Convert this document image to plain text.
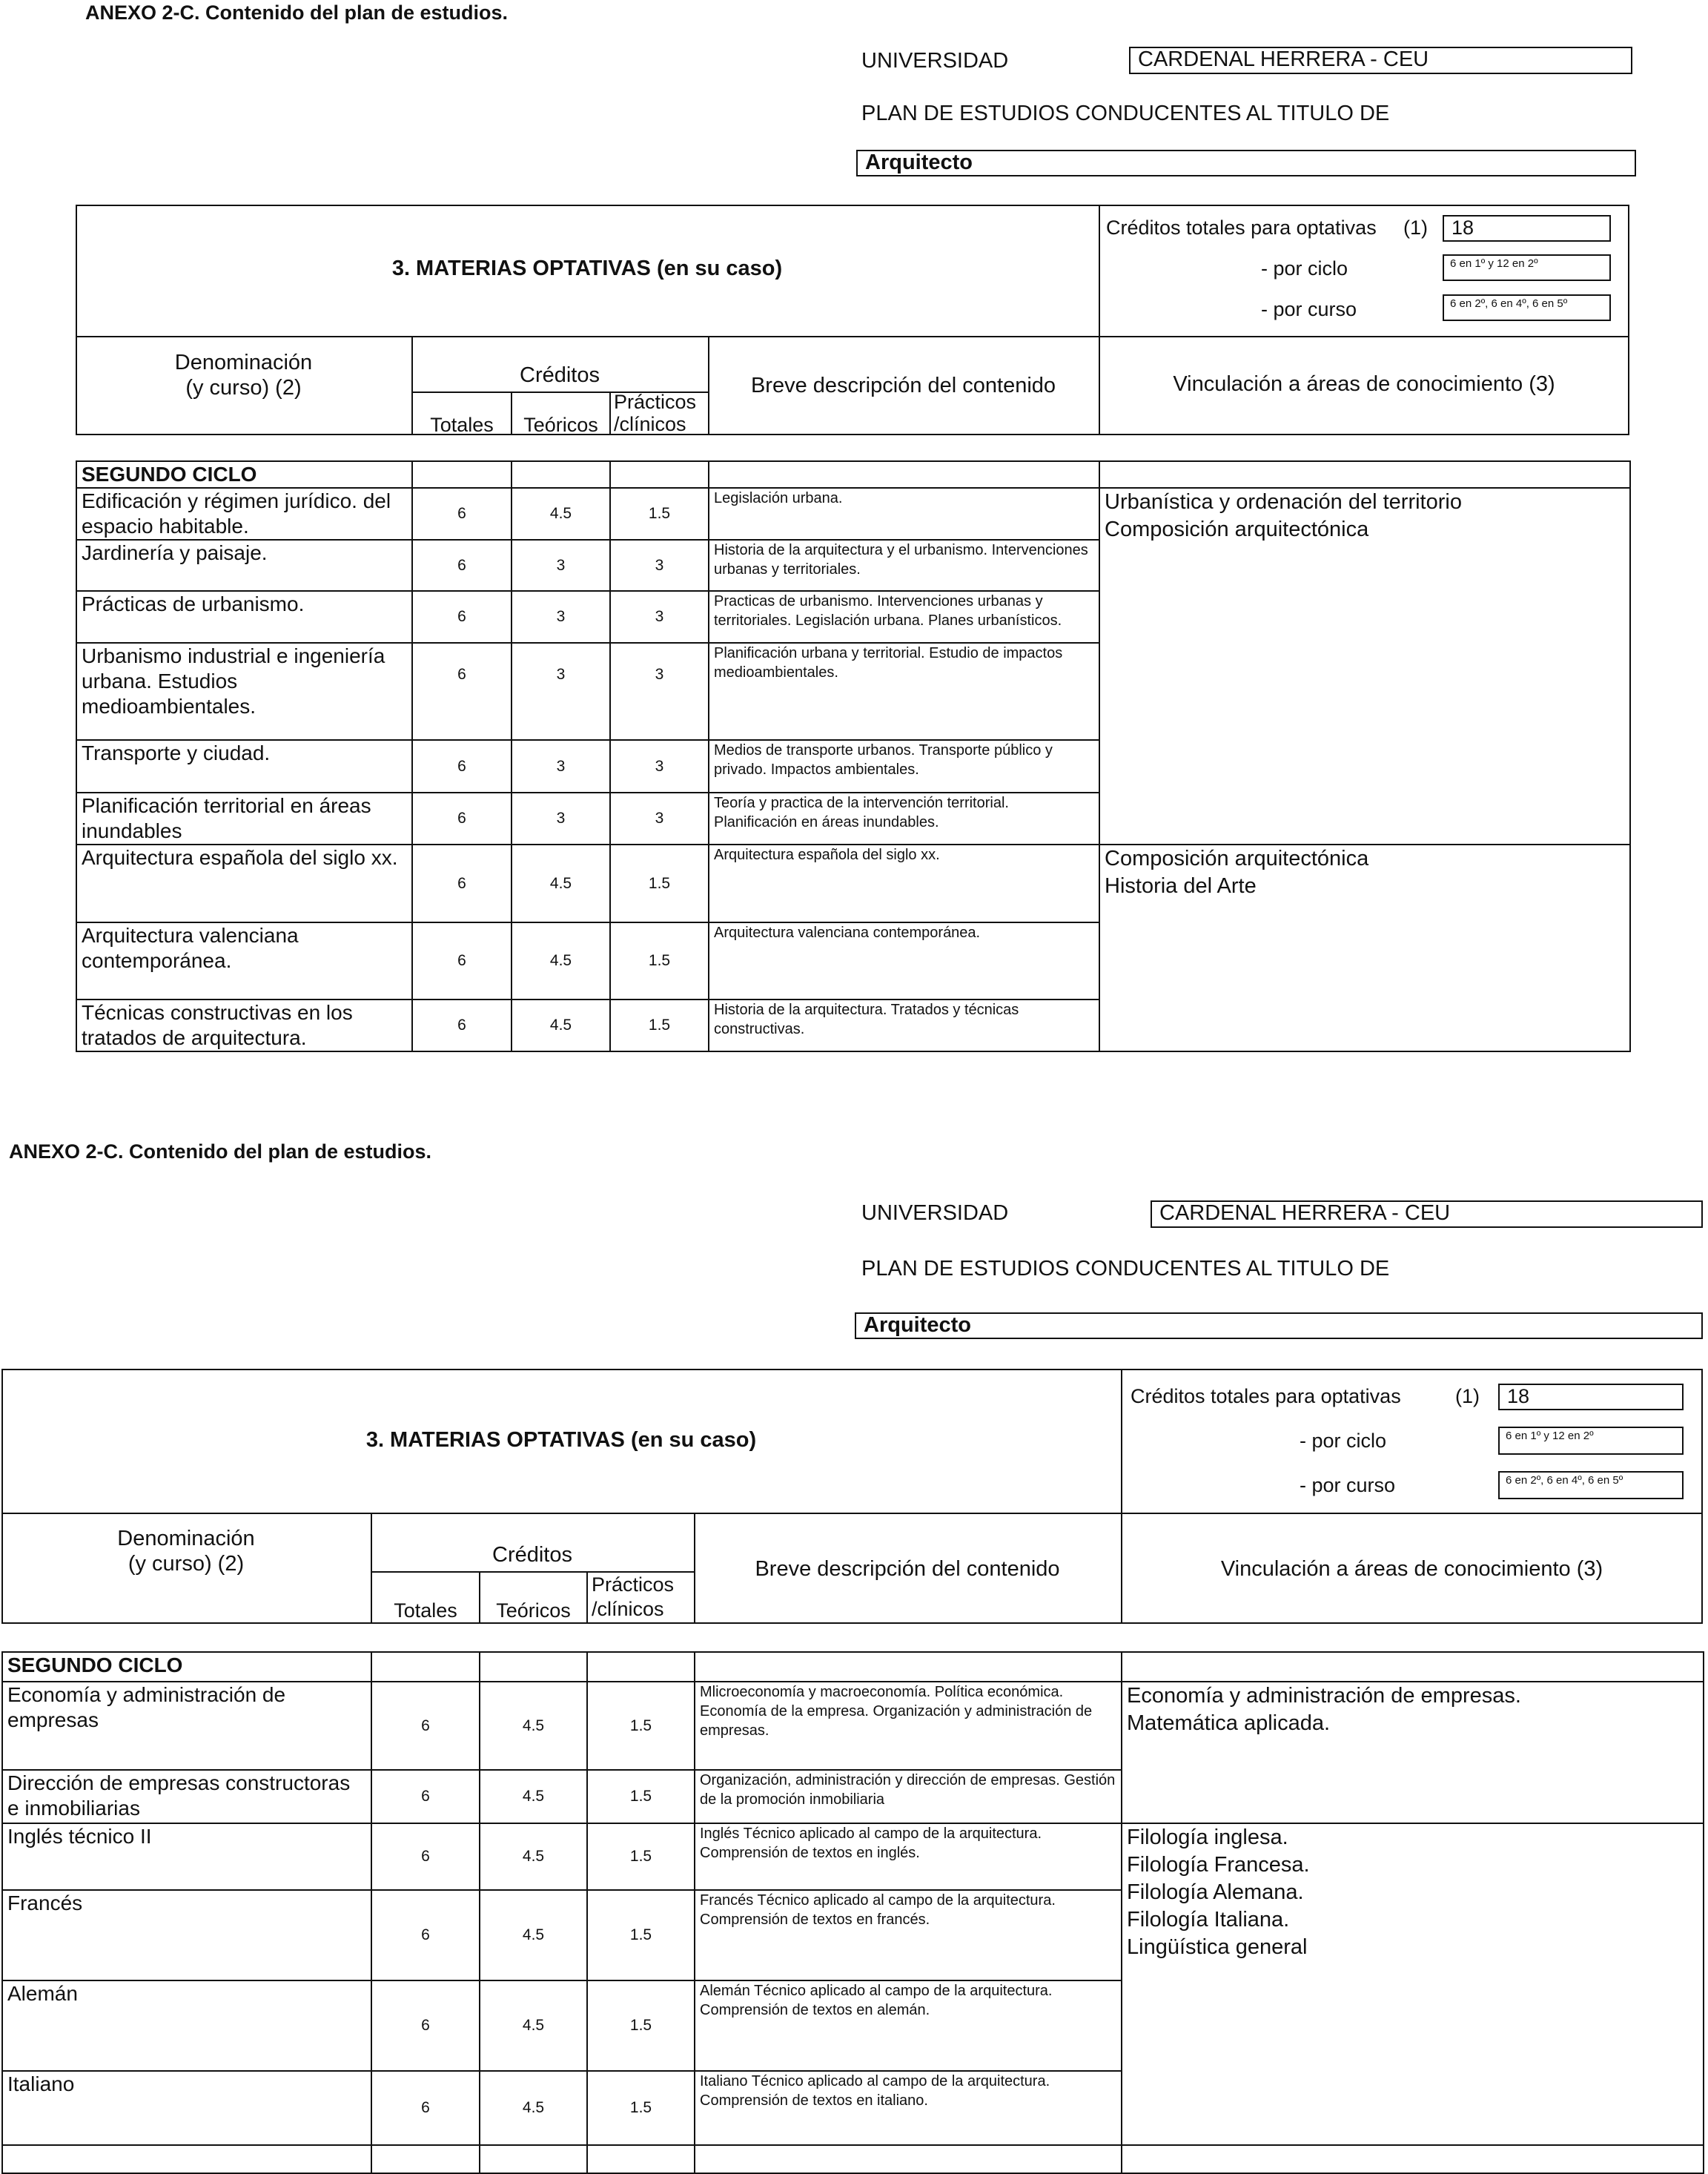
ANEXO 2-C. Contenido del plan de estudios.
UNIVERSIDAD	CARDENAL HERRERA - CEU
PLAN DE ESTUDIOS CONDUCENTES AL TITULO DE
Arquitecto
3. MATERIAS OPTATIVAS (en su caso)
Créditos totales para optativas (1)	18
- por ciclo	6 en 1º y 12 en 2º
- por curso	6 en 2º, 6 en 4º, 6 en 5º
Denominación
(y curso) (2)
Créditos
Totales	Teóricos
Prácticos
/clínicos
Breve descripción del contenido	Vinculación a áreas de conocimiento (3)
SEGUNDO CICLO					
Edificación y régimen jurídico. del espacio habitable.	6	4.5	1.5	Legislación urbana.	Urbanística y ordenación del territorio
Composición arquitectónica

Jardinería y paisaje.	6	3	3	Historia de la arquitectura y el urbanismo. Intervenciones urbanas y territoriales.	
Prácticas de urbanismo.	6	3	3	Practicas de urbanismo. Intervenciones urbanas y territoriales. Legislación urbana. Planes urbanísticos.	
Urbanismo industrial e ingeniería urbana. Estudios medioambientales.	6	3	3	Planificación urbana y territorial. Estudio de impactos medioambientales.	
Transporte y ciudad.	6	3	3	Medios de transporte urbanos. Transporte público y privado. Impactos ambientales.	
Planificación territorial en áreas inundables	6	3	3	Teoría y practica de la intervención territorial. Planificación en áreas inundables.	
Arquitectura española del siglo xx.	6	4.5	1.5	Arquitectura española del siglo xx.	Composición arquitectónica
Historia del Arte

Arquitectura valenciana contemporánea.	6	4.5	1.5	Arquitectura valenciana contemporánea.	
Técnicas constructivas en los tratados de arquitectura.	6	4.5	1.5	Historia de la arquitectura. Tratados y técnicas constructivas.	
ANEXO 2-C. Contenido del plan de estudios.
UNIVERSIDAD	CARDENAL HERRERA - CEU
PLAN DE ESTUDIOS CONDUCENTES AL TITULO DE
Arquitecto
3. MATERIAS OPTATIVAS (en su caso)
Créditos totales para optativas	(1)	18
- por ciclo	6 en 1º y 12 en 2º
- por curso	6 en 2º, 6 en 4º, 6 en 5º
Denominación
(y curso) (2)	Créditos
Totales	Teóricos
Prácticos
/clínicos
Breve descripción del contenido	Vinculación a áreas de conocimiento (3)
SEGUNDO CICLO					
Economía y administración de empresas	6	4.5	1.5	Mlicroeconomía y macroeconomía. Política económica. Economía de la empresa. Organización y administración de empresas.	Economía y administración de empresas.
Matemática aplicada.

Dirección de empresas constructoras e inmobiliarias	6	4.5	1.5	Organización, administración y dirección de empresas. Gestión de la promoción inmobiliaria	
Inglés técnico II	6	4.5	1.5	Inglés Técnico aplicado al campo de la arquitectura. Comprensión de textos en inglés.	Filología inglesa.
Filología Francesa.
Filología Alemana.
Filología Italiana.
Lingüística general

Francés	6	4.5	1.5	Francés Técnico aplicado al campo de la arquitectura. Comprensión de textos en francés.	
Alemán	6	4.5	1.5	Alemán Técnico aplicado al campo de la arquitectura. Comprensión de textos en alemán.	
Italiano	6	4.5	1.5	Italiano Técnico aplicado al campo de la arquitectura. Comprensión de textos en italiano.	
